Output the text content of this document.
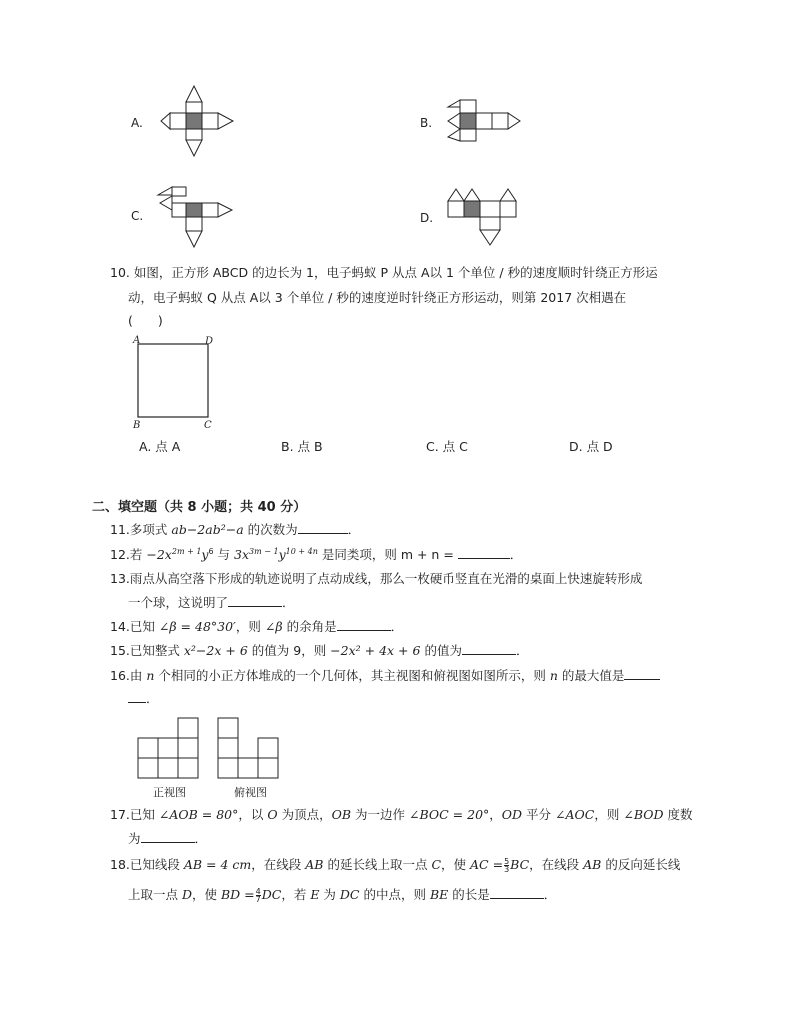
A.	B.
C.	D.
10. 如图，正方形 ABCD 的边长为 1，电子蚂蚁 P 从点 A以 1 个单位 / 秒的速度顺时针绕正方形运
动，电子蚂蚁 Q 从点 A以 3 个单位 / 秒的速度逆时针绕正方形运动，则第 2017 次相遇在
(　　)
A	D
B	C
A. 点 A	B. 点 B	C. 点 C	D. 点 D
二、填空题（共 8 小题；共 40 分）
11.多项式 ab−2ab²−a 的次数为	．
12.若 $-2x^{2m + 1}y^6$ 与 $3x^{3m - 1}y^{10 + 4n}$ 是同类项，则 m + n =	．
13.雨点从高空落下形成的轨迹说明了点动成线，那么一枚硬币竖直在光滑的桌面上快速旋转形成
一个球，这说明了	．
14.已知 ∠β = 48°30′，则 ∠β 的余角是	．
15.已知整式 x²−2x + 6 的值为 9，则 −2x² + 4x + 6 的值为	．
16.由 n 个相同的小正方体堆成的一个几何体，其主视图和俯视图如图所示，则 n 的最大值是
．
正视图	俯视图
17.已知 ∠AOB = 80°，以 O 为顶点，OB 为一边作 ∠BOC = 20°，OD 平分 ∠AOC，则 ∠BOD 度数
为	．
18.已知线段 AB = 4 cm，在线段 AB 的延长线上取一点 C，使 AC = $\frac{5}{3}$ BC，在线段 AB 的反向延长线
上取一点 D，使 BD = $\frac{4}{7}$ DC，若 E 为 DC 的中点，则 BE 的长是	．
